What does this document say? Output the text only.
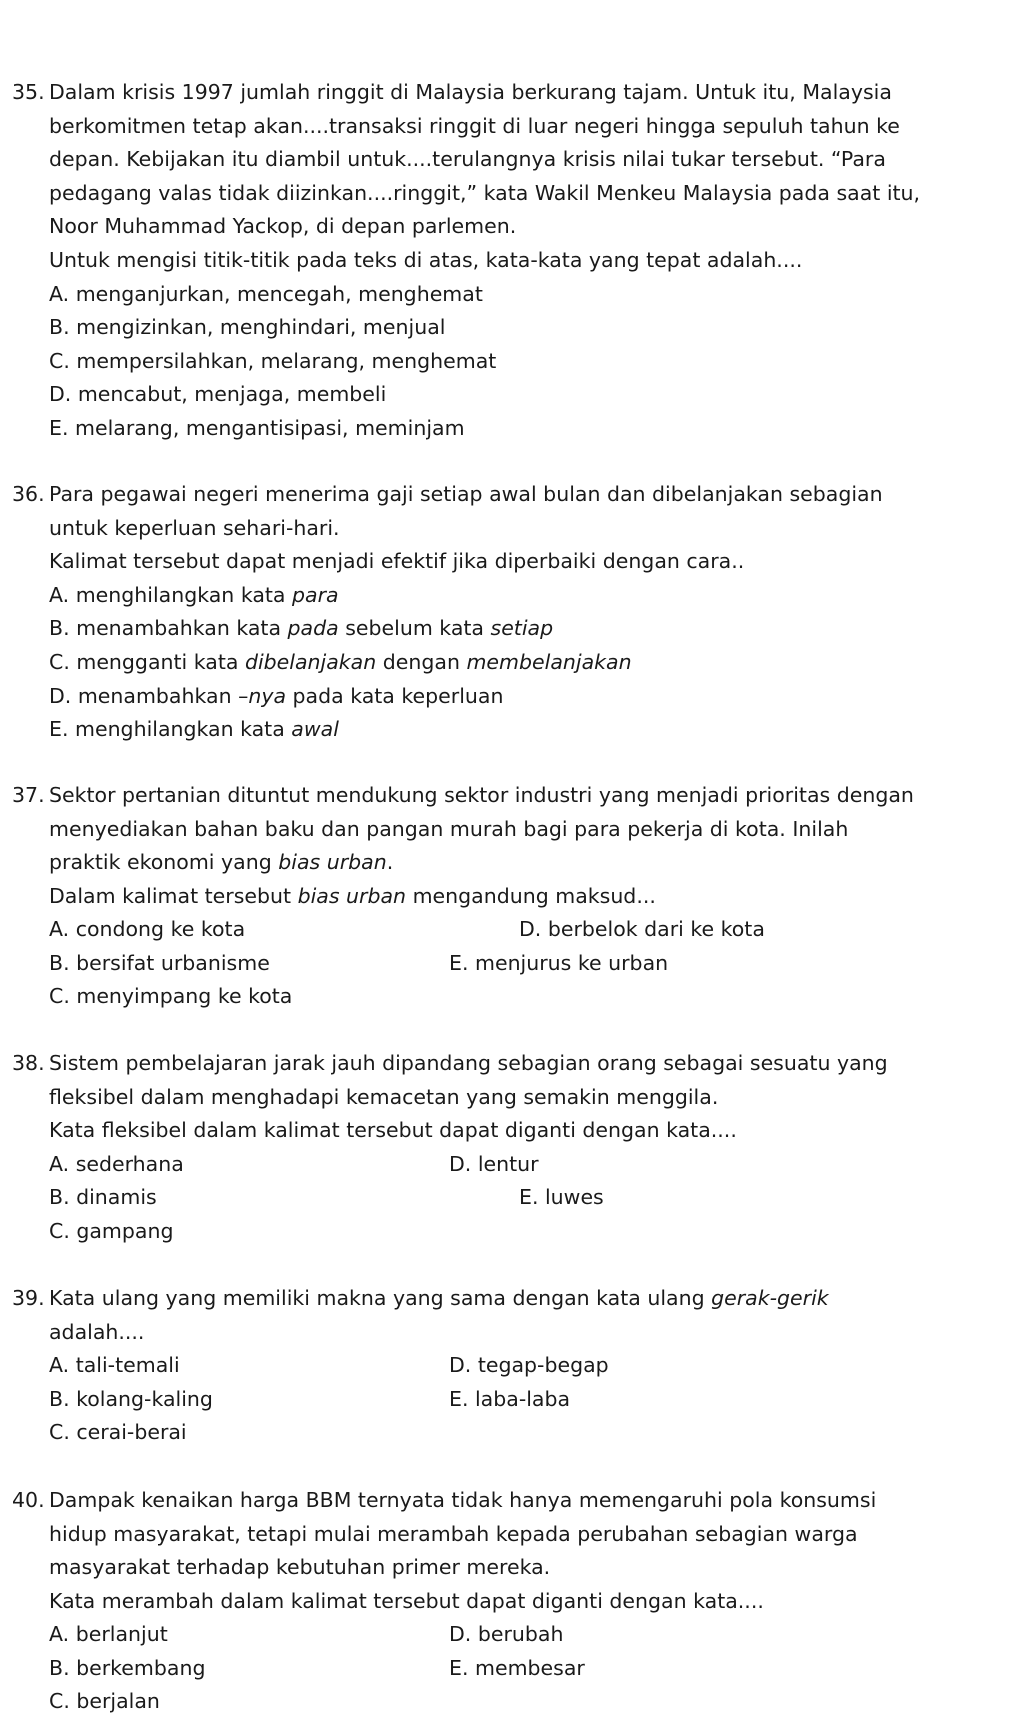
35. Dalam krisis 1997 jumlah ringgit di Malaysia berkurang tajam. Untuk itu, Malaysia
berkomitmen tetap akan....transaksi ringgit di luar negeri hingga sepuluh tahun ke
depan. Kebijakan itu diambil untuk....terulangnya krisis nilai tukar tersebut. “Para
pedagang valas tidak diizinkan....ringgit,” kata Wakil Menkeu Malaysia pada saat itu,
Noor Muhammad Yackop, di depan parlemen.
Untuk mengisi titik-titik pada teks di atas, kata-kata yang tepat adalah....
A. menganjurkan, mencegah, menghemat
B. mengizinkan, menghindari, menjual
C. mempersilahkan, melarang, menghemat
D. mencabut, menjaga, membeli
E. melarang, mengantisipasi, meminjam
36. Para pegawai negeri menerima gaji setiap awal bulan dan dibelanjakan sebagian
untuk keperluan sehari-hari.
Kalimat tersebut dapat menjadi efektif jika diperbaiki dengan cara..
A. menghilangkan kata para
B. menambahkan kata pada sebelum kata setiap
C. mengganti kata dibelanjakan dengan membelanjakan
D. menambahkan –nya pada kata keperluan
E. menghilangkan kata awal
37. Sektor pertanian dituntut mendukung sektor industri yang menjadi prioritas dengan
menyediakan bahan baku dan pangan murah bagi para pekerja di kota. Inilah
praktik ekonomi yang bias urban.
Dalam kalimat tersebut bias urban mengandung maksud...
A. condong ke kota	D. berbelok dari ke kota
B. bersifat urbanisme	E. menjurus ke urban
C. menyimpang ke kota
38. Sistem pembelajaran jarak jauh dipandang sebagian orang sebagai sesuatu yang
fleksibel dalam menghadapi kemacetan yang semakin menggila.
Kata fleksibel dalam kalimat tersebut dapat diganti dengan kata....
A. sederhana	D. lentur
B. dinamis	E. luwes
C. gampang
39. Kata ulang yang memiliki makna yang sama dengan kata ulang gerak-gerik
adalah....
A. tali-temali	D. tegap-begap
B. kolang-kaling	E. laba-laba
C. cerai-berai
40. Dampak kenaikan harga BBM ternyata tidak hanya memengaruhi pola konsumsi
hidup masyarakat, tetapi mulai merambah kepada perubahan sebagian warga
masyarakat terhadap kebutuhan primer mereka.
Kata merambah dalam kalimat tersebut dapat diganti dengan kata....
A. berlanjut	D. berubah
B. berkembang	E. membesar
C. berjalan
